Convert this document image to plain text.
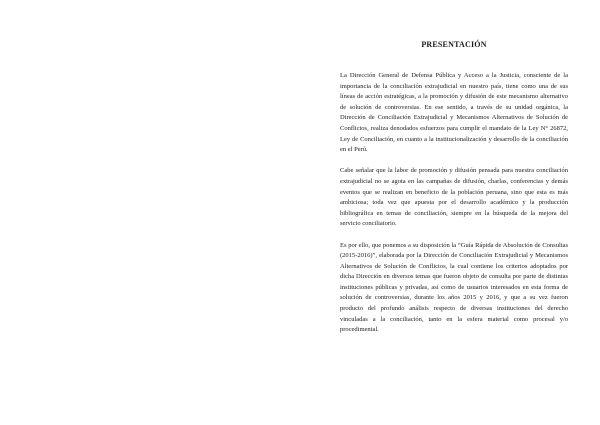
PRESENTACIÓN

La Dirección General de Defensa Pública y Acceso a la Justicia, consciente de la importancia de la conciliación extrajudicial en nuestro país, tiene como una de sus líneas de acción estratégicas, a la promoción y difusión de este mecanismo alternativo de solución de controversias. En ese sentido, a través de su unidad orgánica, la Dirección de Conciliación Extrajudicial y Mecanismos Alternativos de Solución de Conflictos, realiza denodados esfuerzos para cumplir el mandato de la Ley N° 26872, Ley de Conciliación, en cuanto a la institucionalización y desarrollo de la conciliación en el Perú.

Cabe señalar que la labor de promoción y difusión pensada para nuestra conciliación extrajudicial no se agota en las campañas de difusión, charlas, conferencias y demás eventos que se realizan en beneficio de la población peruana, sino que esta es más ambiciosa; toda vez que apuesta por el desarrollo académico y la producción bibliográfica en temas de conciliación, siempre en la búsqueda de la mejora del servicio conciliatorio.

Es por ello, que ponemos a su disposición la “Guía Rápida de Absolución de Consultas (2015-2016)”, elaborada por la Dirección de Conciliación Extrajudicial y Mecanismos Alternativos de Solución de Conflictos, la cual contiene los criterios adoptados por dicha Dirección en diversos temas que fueron objeto de consulta por parte de distintas instituciones públicas y privadas, así como de usuarios interesados en esta forma de solución de controversias, durante los años 2015 y 2016, y que a su vez fueron producto del profundo análisis respecto de diversas instituciones del derecho vinculadas a la conciliación, tanto en la esfera material como procesal y/o procedimental.
